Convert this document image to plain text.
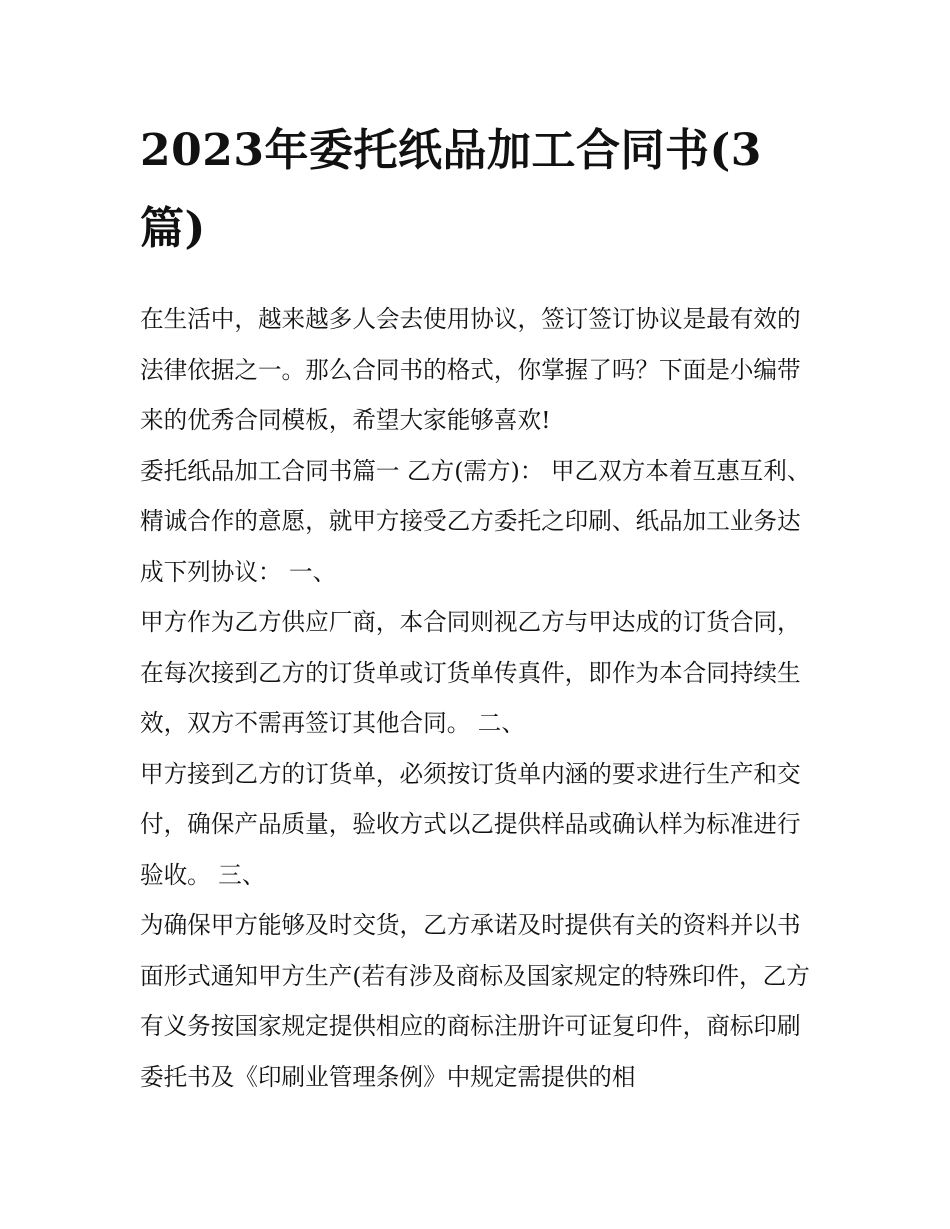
2023年委托纸品加工合同书(3篇)

在生活中，越来越多人会去使用协议，签订签订协议是最有效的法律依据之一。那么合同书的格式，你掌握了吗？下面是小编带来的优秀合同模板，希望大家能够喜欢!

委托纸品加工合同书篇一 乙方(需方)： 甲乙双方本着互惠互利、精诚合作的意愿，就甲方接受乙方委托之印刷、纸品加工业务达成下列协议： 一、

甲方作为乙方供应厂商，本合同则视乙方与甲达成的订货合同，在每次接到乙方的订货单或订货单传真件，即作为本合同持续生效，双方不需再签订其他合同。 二、

甲方接到乙方的订货单，必须按订货单内涵的要求进行生产和交付，确保产品质量，验收方式以乙提供样品或确认样为标准进行验收。 三、

为确保甲方能够及时交货，乙方承诺及时提供有关的资料并以书面形式通知甲方生产(若有涉及商标及国家规定的特殊印件，乙方有义务按国家规定提供相应的商标注册许可证复印件，商标印刷委托书及《印刷业管理条例》中规定需提供的相
